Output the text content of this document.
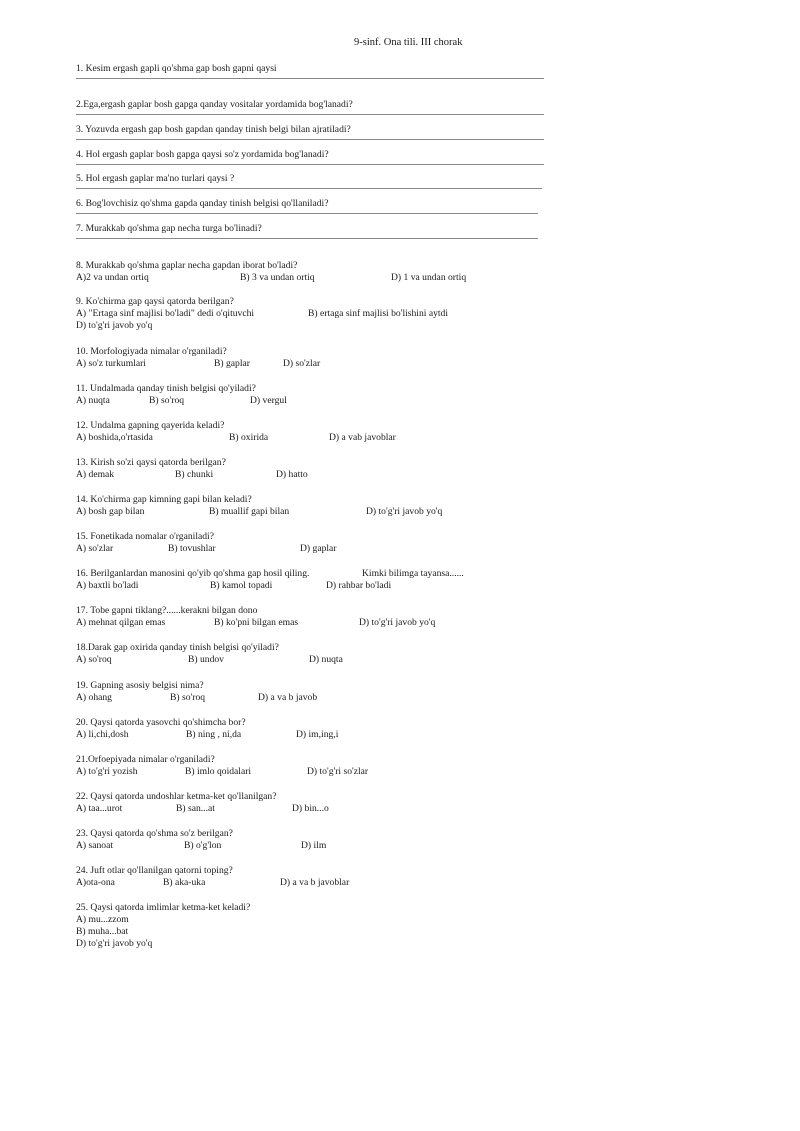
9-sinf. Ona tili. III chorak
1. Kesim ergash gapli qo'shma gap bosh gapni qaysi
2.Ega,ergash gaplar bosh gapga qanday vositalar yordamida bog'lanadi?
3. Yozuvda ergash gap bosh gapdan qanday tinish belgi bilan ajratiladi?
4. Hol ergash gaplar bosh gapga qaysi so'z yordamida bog'lanadi?
5. Hol ergash gaplar ma'no turlari qaysi ?
6. Bog'lovchisiz qo'shma gapda qanday tinish belgisi qo'llaniladi?
7. Murakkab qo'shma gap necha turga bo'linadi?
8. Murakkab qo'shma gaplar necha gapdan iborat bo'ladi?
A)2 va undan ortiq	B) 3 va undan ortiq	D) 1 va undan ortiq
9. Ko'chirma gap qaysi qatorda berilgan?
A) "Ertaga sinf majlisi bo'ladi" dedi o'qituvchi	B) ertaga sinf majlisi bo'lishini aytdi
D) to'g'ri javob yo'q
10. Morfologiyada nimalar o'rganiladi?
A) so'z turkumlari	B) gaplar	D) so'zlar
11. Undalmada qanday tinish belgisi qo'yiladi?
A) nuqta	B) so'roq	D) vergul
12. Undalma gapning qayerida keladi?
A) boshida,o'rtasida	B) oxirida	D) a vab javoblar
13. Kirish so'zi qaysi qatorda berilgan?
A) demak	B) chunki	D) hatto
14. Ko'chirma gap kimning gapi bilan keladi?
A) bosh gap bilan	B) muallif gapi bilan	D) to'g'ri javob yo'q
15. Fonetikada nomalar o'rganiladi?
A) so'zlar	B) tovushlar	D) gaplar
16. Berilganlardan manosini qo'yib qo'shma gap hosil qiling.	Kimki bilimga tayansa......
A) baxtli bo'ladi	B) kamol topadi	D) rahbar bo'ladi
17. Tobe gapni tiklang?......kerakni bilgan dono
A) mehnat qilgan emas	B) ko'pni bilgan emas	D) to'g'ri javob yo'q
18.Darak gap oxirida qanday tinish belgisi qo'yiladi?
A) so'roq	B) undov	D) nuqta
19. Gapning asosiy belgisi nima?
A) ohang	B) so'roq	D) a va b javob
20. Qaysi qatorda yasovchi qo'shimcha bor?
A) li,chi,dosh	B) ning , ni,da	D) im,ing,i
21.Orfoepiyada nimalar o'rganiladi?
A) to'g'ri yozish	B) imlo qoidalari	D) to'g'ri so'zlar
22. Qaysi qatorda undoshlar ketma-ket qo'llanilgan?
A) taa...urot	B) san...at	D) bin...o
23. Qaysi qatorda qo'shma so'z berilgan?
A) sanoat	B) o'g'lon	D) ilm
24. Juft otlar qo'llanilgan qatorni toping?
A)ota-ona	B) aka-uka	D) a va b javoblar
25. Qaysi qatorda imlimlar ketma-ket keladi?
A) mu...zzom
B) muha...bat
D) to'g'ri javob yo'q
